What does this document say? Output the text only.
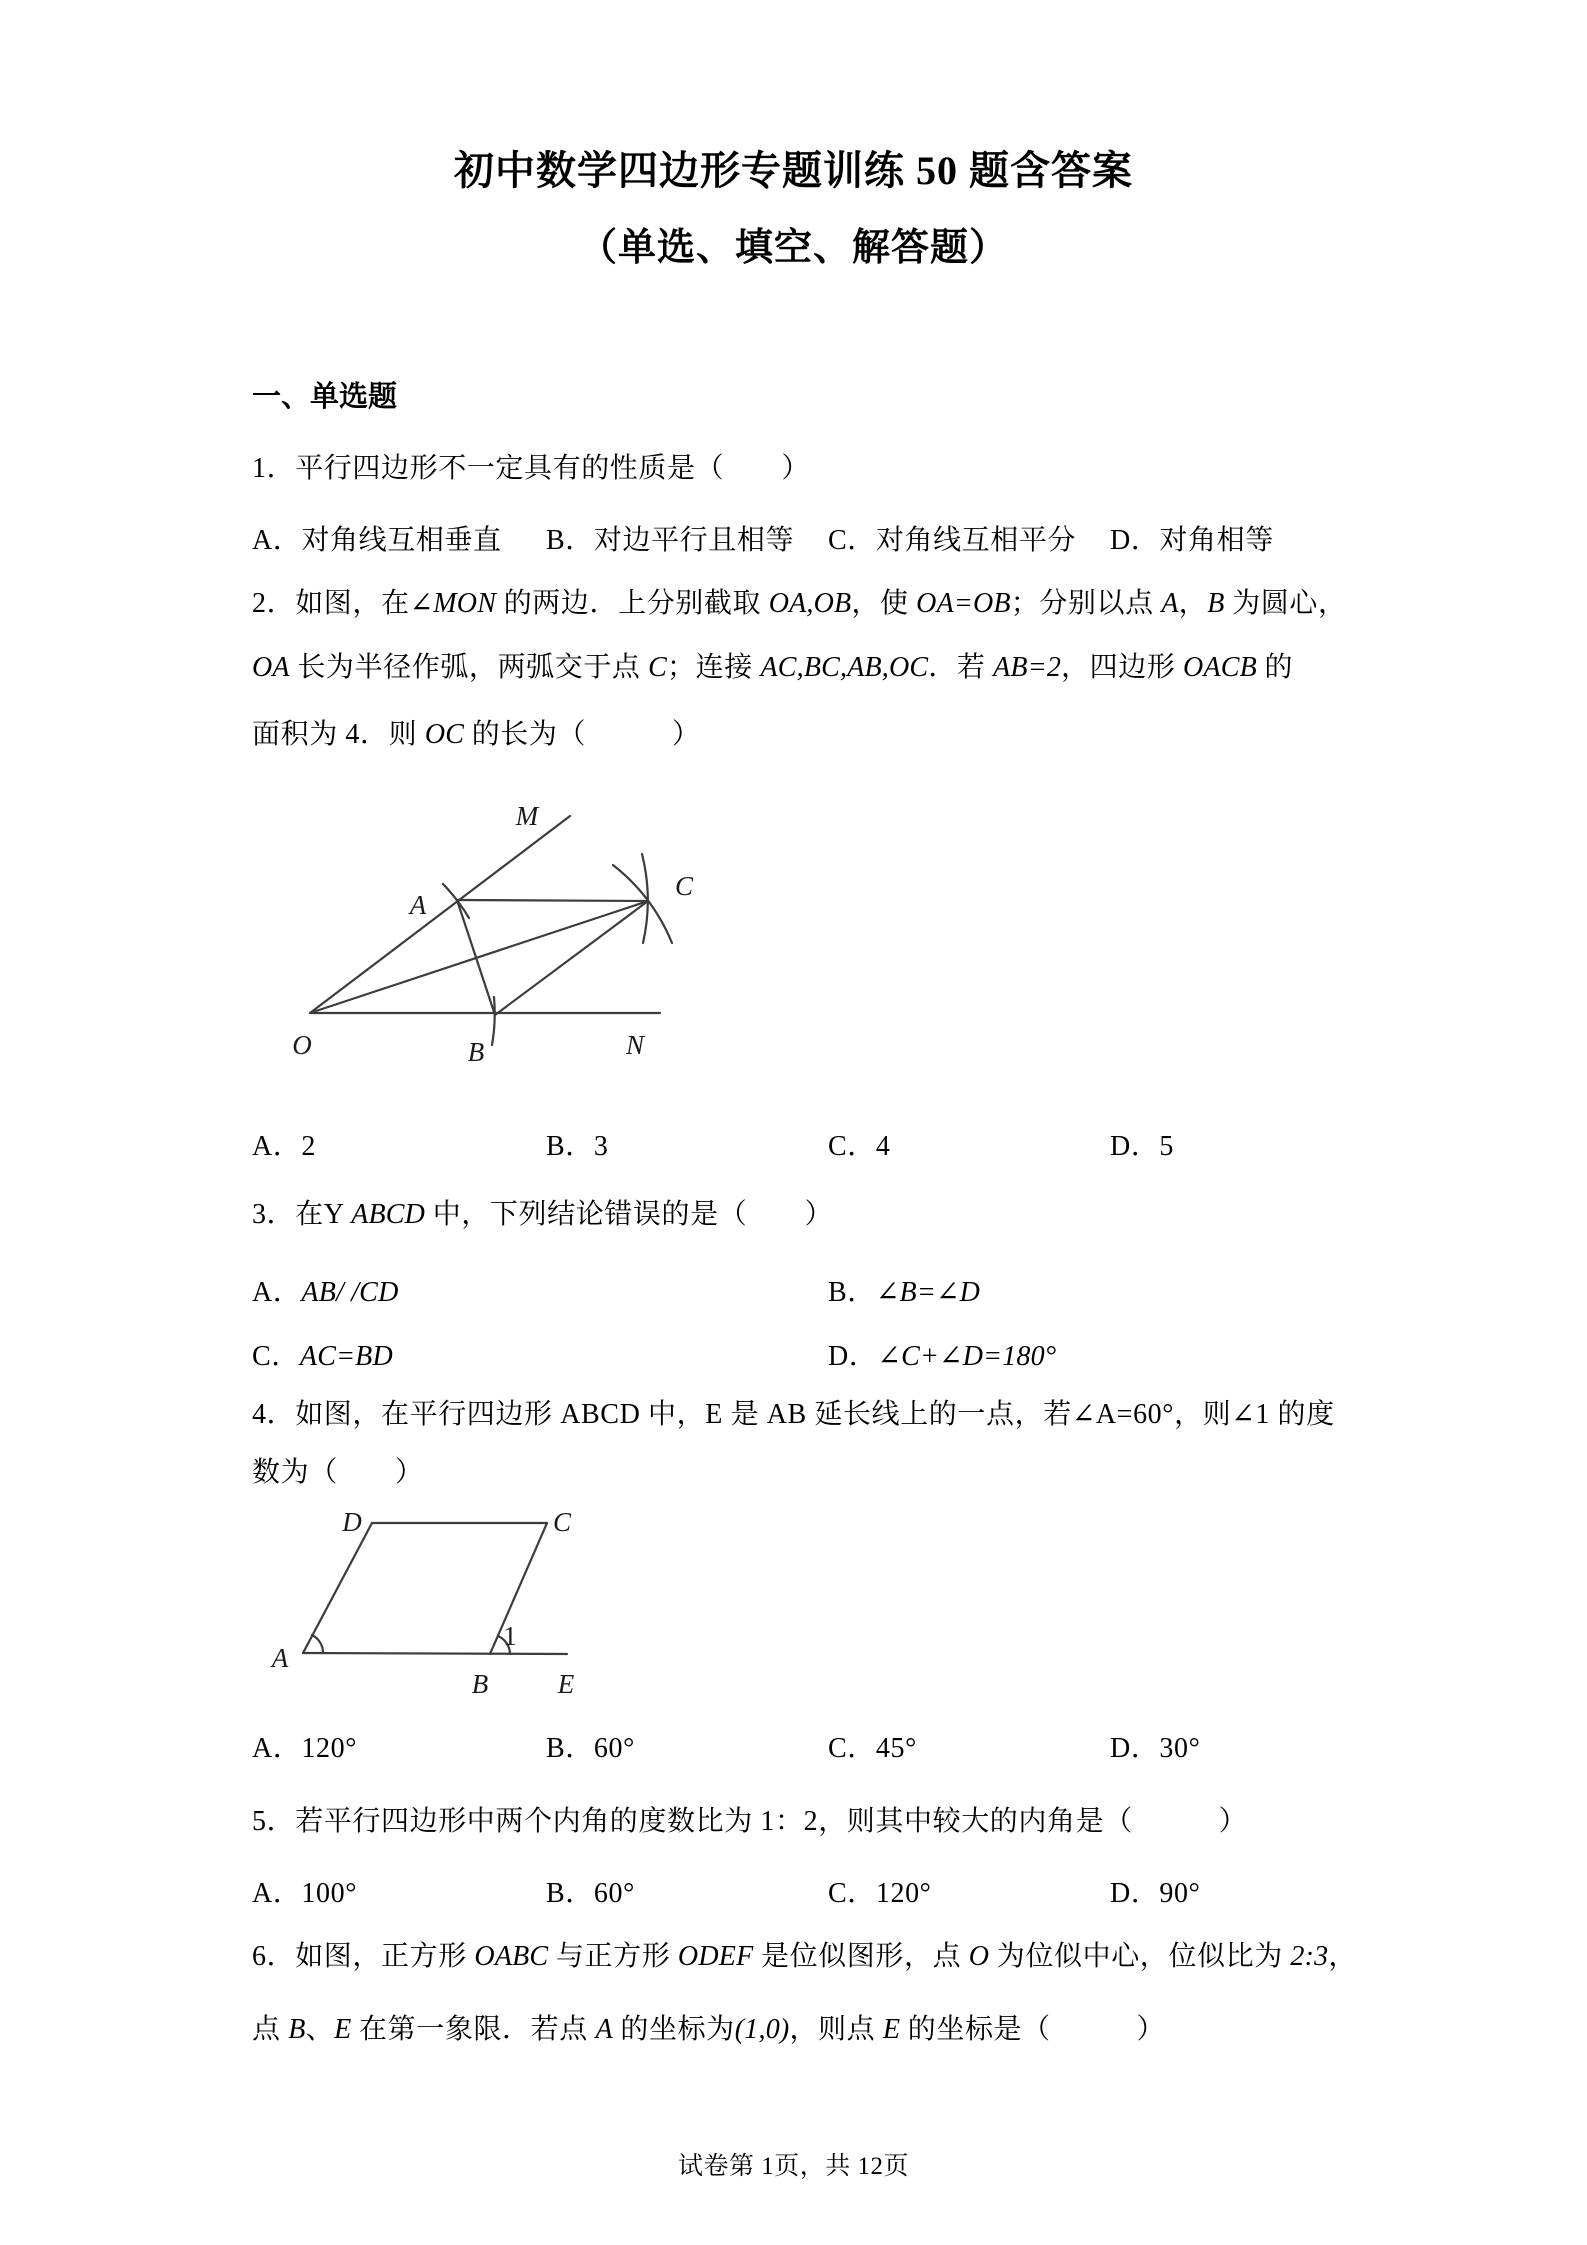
初中数学四边形专题训练 50 题含答案
（单选、填空、解答题）
一、单选题
1．平行四边形不一定具有的性质是（　　）
A．对角线互相垂直 B．对边平行且相等 C．对角线互相平分 D．对角相等
2．如图，在∠MON 的两边．上分别截取 OA,OB，使 OA=OB；分别以点 A，B 为圆心，
OA 长为半径作弧，两弧交于点 C；连接 AC,BC,AB,OC．若 AB=2，四边形 OACB 的
面积为 4．则 OC 的长为（　　　）
M
A
C
O	B	N
A．2	B．3	C．4	D．5
3．在Y ABCD 中，下列结论错误的是（　　）
A．AB/ /CD	B．∠B=∠D
C．AC=BD	D．∠C+∠D=180°
4．如图，在平行四边形 ABCD 中，E 是 AB 延长线上的一点，若∠A=60°，则∠1 的度
数为（　　）
D	C
A
B	E
1
A．120°	B．60°	C．45°	D．30°
5．若平行四边形中两个内角的度数比为 1：2，则其中较大的内角是（　　　）
A．100°	B．60°	C．120°	D．90°
6．如图，正方形 OABC 与正方形 ODEF 是位似图形，点 O 为位似中心，位似比为 2:3，
点 B、E 在第一象限．若点 A 的坐标为(1,0)，则点 E 的坐标是（　　　）
试卷第 1页，共 12页
